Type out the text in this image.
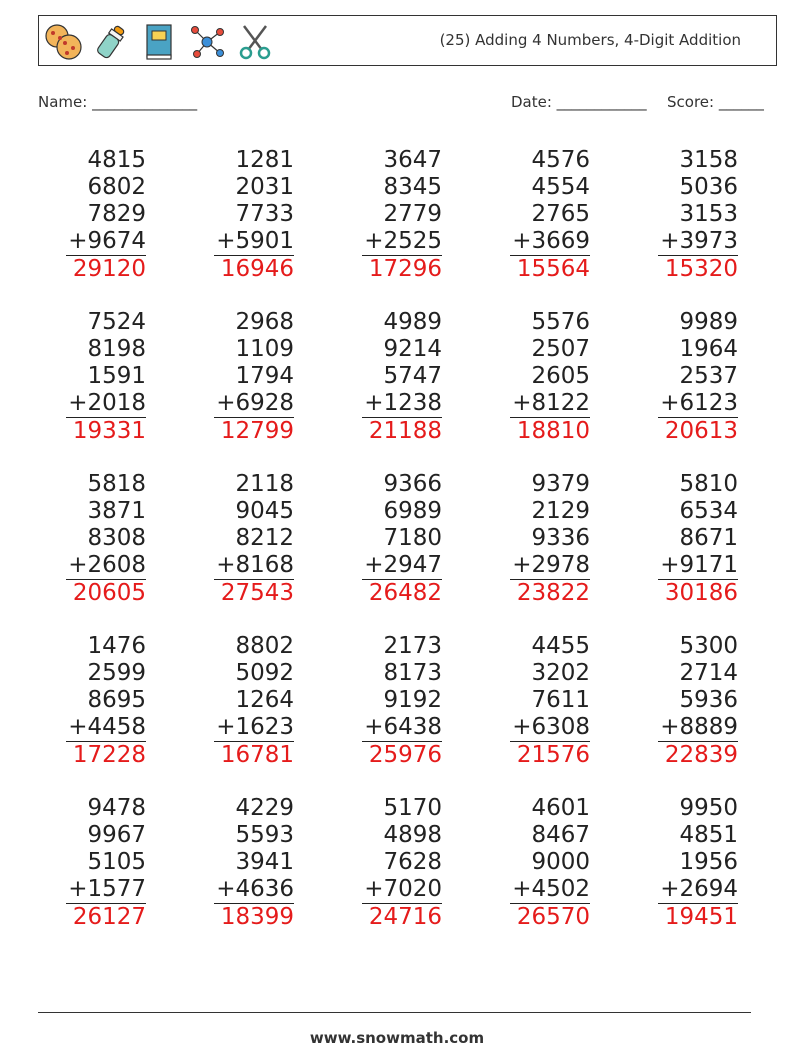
(25) Adding 4 Numbers, 4-Digit Addition
Name: ______________	Date: ____________ Score: ______
4815
6802
7829
+9674
29120
1281
2031
7733
+5901
16946
3647
8345
2779
+2525
17296
4576
4554
2765
+3669
15564
3158
5036
3153
+3973
15320
7524
8198
1591
+2018
19331
2968
1109
1794
+6928
12799
4989
9214
5747
+1238
21188
5576
2507
2605
+8122
18810
9989
1964
2537
+6123
20613
5818
3871
8308
+2608
20605
2118
9045
8212
+8168
27543
9366
6989
7180
+2947
26482
9379
2129
9336
+2978
23822
5810
6534
8671
+9171
30186
1476
2599
8695
+4458
17228
8802
5092
1264
+1623
16781
2173
8173
9192
+6438
25976
4455
3202
7611
+6308
21576
5300
2714
5936
+8889
22839
9478
9967
5105
+1577
26127
4229
5593
3941
+4636
18399
5170
4898
7628
+7020
24716
4601
8467
9000
+4502
26570
9950
4851
1956
+2694
19451
www.snowmath.com
